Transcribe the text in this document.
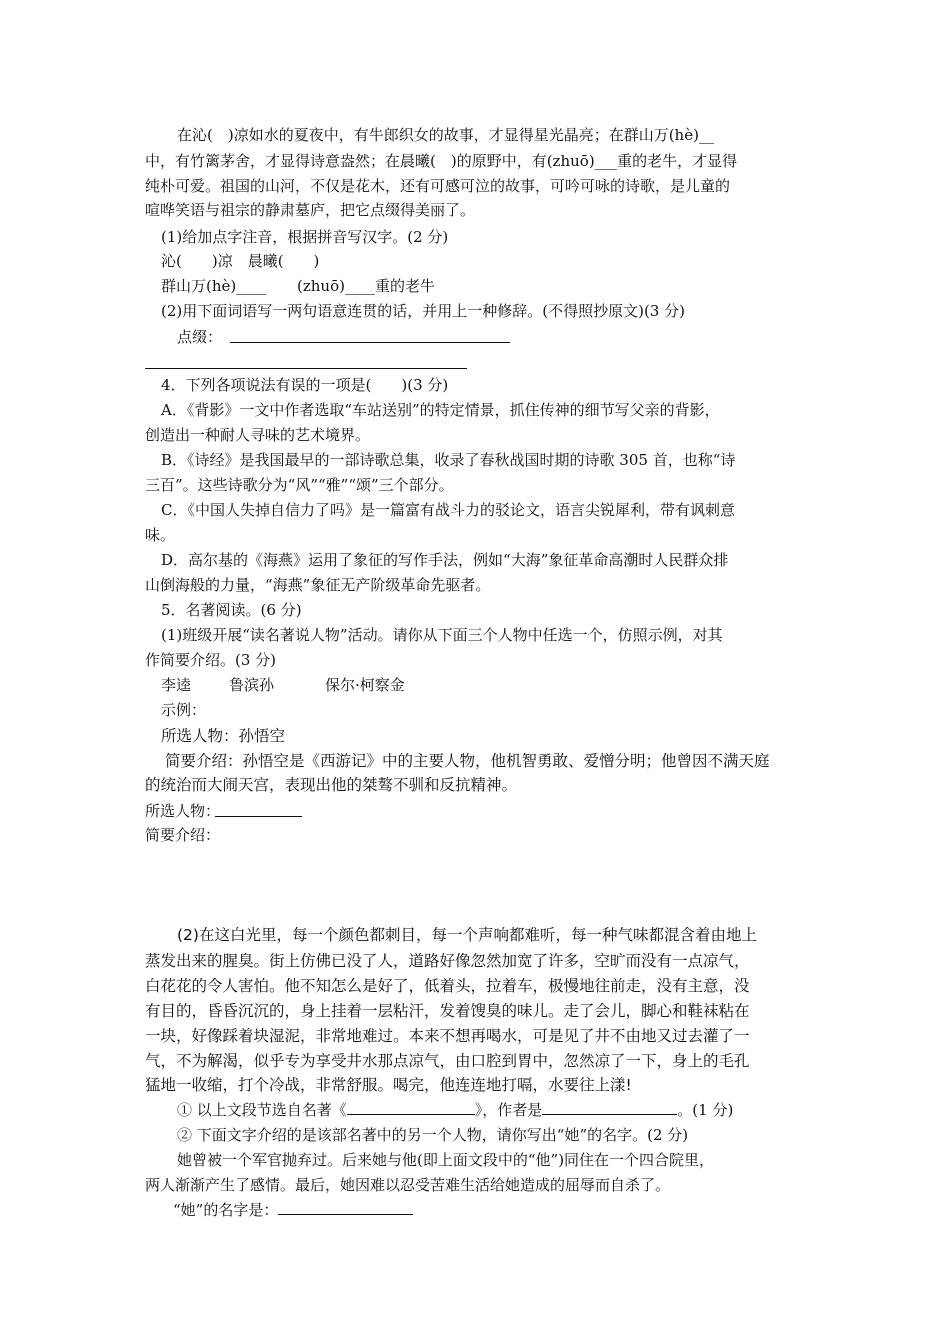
在沁(　)凉如水的夏夜中，有牛郎织女的故事，才显得星光晶亮；在群山万(hè)__
中，有竹篱茅舍，才显得诗意盎然；在晨曦(　)的原野中，有(zhuō)___重的老牛，才显得
纯朴可爱。祖国的山河，不仅是花木，还有可感可泣的故事，可吟可咏的诗歌，是儿童的
喧哗笑语与祖宗的静肃墓庐，把它点缀得美丽了。
(1)给加点字注音，根据拼音写汉字。(2 分)
沁(　　)凉　晨曦(　　)
群山万(hè)____ (zhuō)____重的老牛
(2)用下面词语写一两句语意连贯的话，并用上一种修辞。(不得照抄原文)(3 分)
点缀：
4．下列各项说法有误的一项是(　　)(3 分)
A．《背影》一文中作者选取“车站送别”的特定情景，抓住传神的细节写父亲的背影，
创造出一种耐人寻味的艺术境界。
B．《诗经》是我国最早的一部诗歌总集，收录了春秋战国时期的诗歌 305 首，也称“诗
三百”。这些诗歌分为“风”“雅”“颂”三个部分。
C．《中国人失掉自信力了吗》是一篇富有战斗力的驳论文，语言尖锐犀利，带有讽刺意
味。
D．高尔基的《海燕》运用了象征的写作手法，例如“大海”象征革命高潮时人民群众排
山倒海般的力量，“海燕”象征无产阶级革命先驱者。
5．名著阅读。(6 分)
(1)班级开展“读名著说人物”活动。请你从下面三个人物中任选一个，仿照示例，对其
作简要介绍。(3 分)
李逵	鲁滨孙	保尔·柯察金
示例：
所选人物：孙悟空
简要介绍：孙悟空是《西游记》中的主要人物，他机智勇敢、爱憎分明；他曾因不满天庭
的统治而大闹天宫，表现出他的桀骜不驯和反抗精神。
所选人物：
简要介绍：
(2)在这白光里，每一个颜色都刺目，每一个声响都难听，每一种气味都混含着由地上
蒸发出来的腥臭。街上仿佛已没了人，道路好像忽然加宽了许多，空旷而没有一点凉气，
白花花的令人害怕。他不知怎么是好了，低着头，拉着车，极慢地往前走，没有主意，没
有目的，昏昏沉沉的，身上挂着一层粘汗，发着馊臭的味儿。走了会儿，脚心和鞋袜粘在
一块，好像踩着块湿泥，非常地难过。本来不想再喝水，可是见了井不由地又过去灌了一
气，不为解渴，似乎专为享受井水那点凉气，由口腔到胃中，忽然凉了一下，身上的毛孔
猛地一收缩，打个冷战，非常舒服。喝完，他连连地打嗝，水要往上漾!
① 以上文段节选自名著《	》，作者是	。(1 分)
② 下面文字介绍的是该部名著中的另一个人物，请你写出“她”的名字。(2 分)
她曾被一个军官抛弃过。后来她与他(即上面文段中的“他”)同住在一个四合院里，
两人渐渐产生了感情。最后，她因难以忍受苦难生活给她造成的屈辱而自杀了。
“她”的名字是：
